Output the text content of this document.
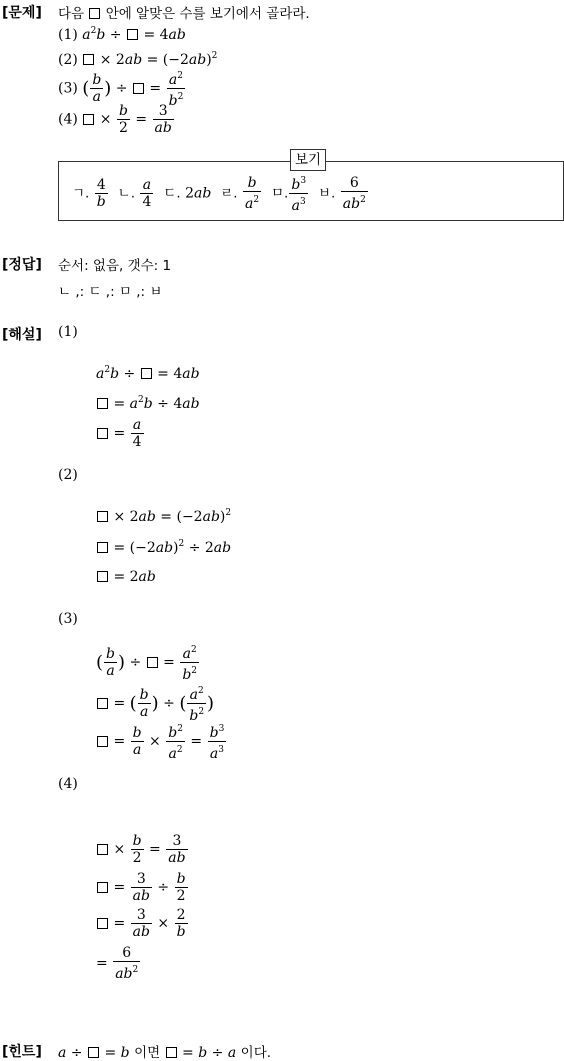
[문제] 다음 안에 알맞은 수를 보기에서 골라라.
(1) $a^2b$ ÷  = 4ab
$(2) \times 2ab = (-2ab)^2$
(3) ( $\frac{b}{a}$ ) ÷  = $\frac{a^2}{b^2}$
$(4) \times \frac{b}{2} = \frac{3}{ab}$
보기
ㄱ. $\frac{4}{b}$ ㄴ. $\frac{a}{4}$ ㄷ. 2ab ㄹ. $\frac{b}{a^2}$ ㅁ. $\frac{b^3}{a^3}$ ㅂ. $\frac{6}{ab^2}$
[정답] 순서: 없음, 갯수: 1
ㄴ ,: ㄷ ,: ㅁ ,: ㅂ
[해설] (1)
$a^2b$ ÷  = 4ab
= $a^2b \div 4ab$
= $\frac{a}{4}$
(2)
× $2ab = (-2ab)^2$
= $(-2ab)^2 \div 2ab$
= 2ab
(3)
( $\frac{b}{a}$ ) ÷  = $\frac{a^2}{b^2}$
= ( $\frac{b}{a}$ ) ÷ ( $\frac{a^2}{b^2}$ )
= $\frac{b}{a} \times \frac{b^2}{a^2} = \frac{b^3}{a^3}$
(4)
× $\frac{b}{2} = \frac{3}{ab}$
= $\frac{3}{ab} \div \frac{b}{2}$
= $\frac{3}{ab} \times \frac{2}{b}$
= $\frac{6}{ab^2}$
[힌트] a ÷  = b 이면  = b ÷ a 이다.
